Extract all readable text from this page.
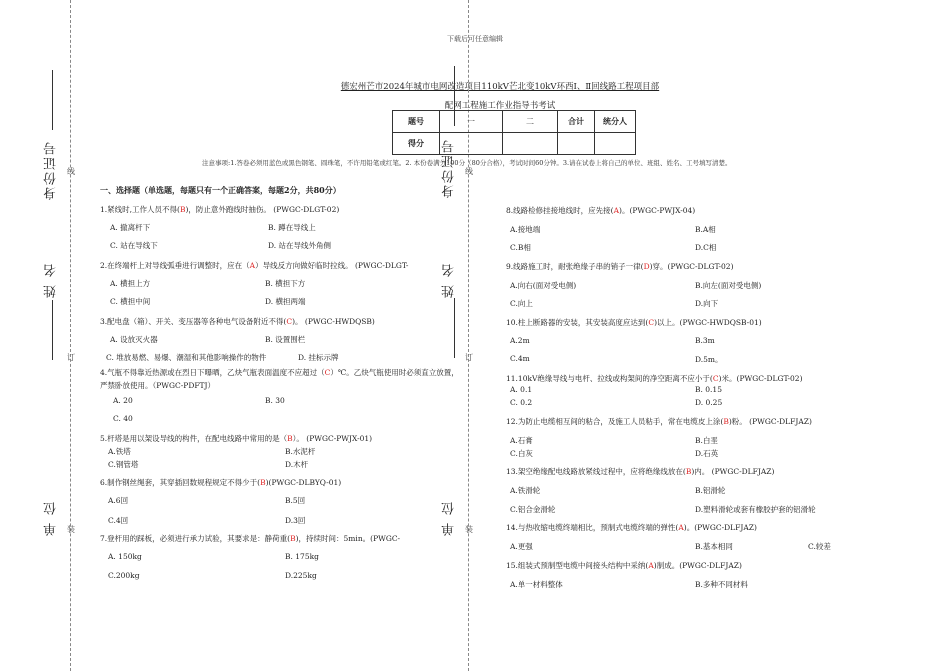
下载后可任意编辑
德宏州芒市2024年城市电网改造项目110kV芒北变10kV环西Ⅰ、Ⅱ回线路工程项目部
配网工程施工作业指导书考试
身份证号
姓 名
单 位
线
订
装
身份证号
姓 名
单 位
线
订
装
题号	一	二	合计	统分人
得分				
注意事项:1.答卷必须用蓝色或黑色钢笔、圆珠笔，不许用铅笔或红笔。2. 本份卷满分100分（80分合格），考试时间60分钟。3.请在试卷上将自己的单位、班组、姓名、工号填写清楚。
一、选择题（单选题，每题只有一个正确答案，每题2分，共80分）
1.紧线时,工作人员不得(B)，防止意外跑线时抽伤。 (PWGC-DLGT-02)
A. 撤离杆下	B. 蹲在导线上
C. 站在导线下	D. 站在导线外角侧
2.在终端杆上对导线弧垂进行调整时，应在（A）导线反方向做好临时拉线。 (PWGC-DLGT-
A. 横担上方	B. 横担下方
C. 横担中间	D. 横担两端
3.配电盘（箱）、开关、变压器等各种电气设备附近不得(C)。 (PWGC-HWDQSB)
A. 设放灭火器	B. 设置围栏
C. 堆放易燃、易爆、潮湿和其他影响操作的物件	D. 挂标示牌
4.气瓶不得靠近热源或在烈日下曝晒，乙炔气瓶表面温度不应超过（C）℃。乙炔气瓶使用时必须直立放置，严禁卧放使用。（PWGC-PDFTJ）
A. 20	B. 30
C. 40
5.杆塔是用以架设导线的构件，在配电线路中常用的是（B）。 (PWGC-PWJX-01)
A.铁塔	B.水泥杆
C.钢管塔	D.木杆
6.制作钢丝绳套，其穿插回数规程规定不得少于(B)(PWGC-DLBYQ-01)
A.6回	B.5回
C.4回	D.3回
7.登杆用的踩板，必须进行承力试验，其要求是：静荷重(B)，持续时间：5min。(PWGC-
A. 150kg	B. 175kg
C.200kg	D.225kg
8.线路检修挂接地线时，应先接(A)。(PWGC-PWJX-04)
A.接地端	B.A相
C.B相	D.C相
9.线路施工时，耐张绝缘子串的销子一律(D)穿。(PWGC-DLGT-02)
A.向右(面对受电侧)	B.向左(面对受电侧)
C.向上	D.向下
10.柱上断路器的安装，其安装高度应达到(C)以上。(PWGC-HWDQSB-01)
A.2m	B.3m
C.4m	D.5m。
11.10kV绝缘导线与电杆、拉线或构架间的净空距离不应小于(C)米。(PWGC-DLGT-02)
A. 0.1	B. 0.15
C. 0.2	D. 0.25
12.为防止电缆相互间的粘合，及施工人员粘手，常在电缆皮上涂(B)粉。 (PWGC-DLFJAZ)
A.石膏	B.白垩
C.白灰	D.石英
13.架空绝缘配电线路放紧线过程中，应将绝缘线放在(B)内。 (PWGC-DLFJAZ)
A.铁滑轮	B.铝滑轮
C.铝合金滑轮	D.塑料滑轮或套有橡胶护套的铝滑轮
14.与热收缩电缆终端相比，预制式电缆终端的弹性(A)。(PWGC-DLFJAZ)
A.更强	B.基本相同	C.较差
15.组装式预制型电缆中间接头结构中采纳(A)制成。(PWGC-DLFJAZ)
A.单一材料整体	B.多种不同材料
